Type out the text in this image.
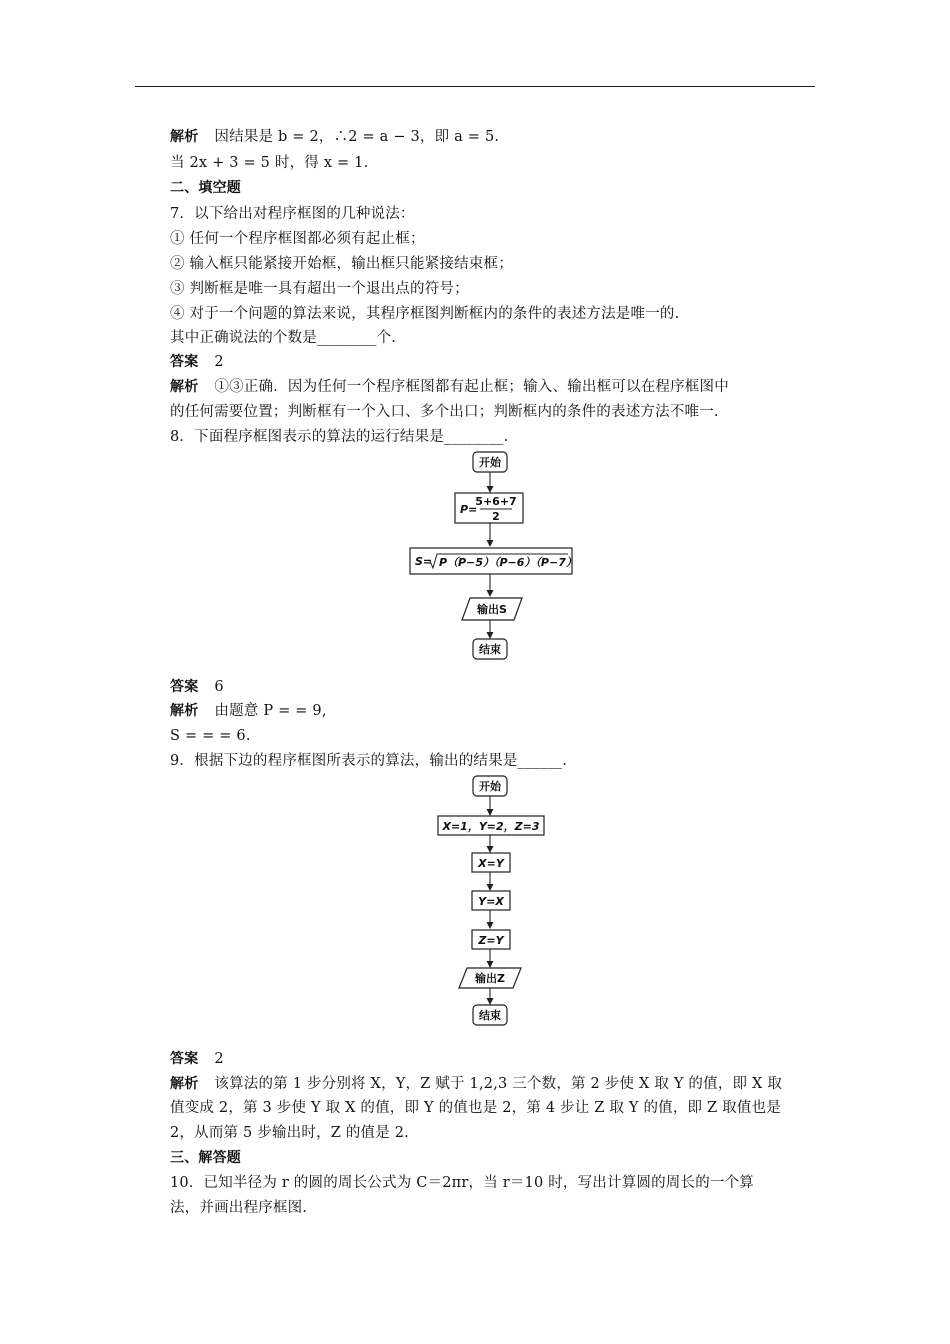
解析 因结果是 b = 2，∴2 = a − 3，即 a = 5.
当 2x + 3 = 5 时，得 x = 1.
二、填空题
7．以下给出对程序框图的几种说法：
① 任何一个程序框图都必须有起止框；
② 输入框只能紧接开始框，输出框只能紧接结束框；
③ 判断框是唯一具有超出一个退出点的符号；
④ 对于一个问题的算法来说，其程序框图判断框内的条件的表述方法是唯一的.
其中正确说法的个数是________个.
答案 2
解析 ①③正确．因为任何一个程序框图都有起止框；输入、输出框可以在程序框图中
的任何需要位置；判断框有一个入口、多个出口；判断框内的条件的表述方法不唯一.
8．下面程序框图表示的算法的运行结果是________.
开始
P=
5+6+7
2
S= P（P−5）（P−6）（P−7）
输出S
结束
答案 6
解析 由题意 P = = 9,
S = = = 6.
9．根据下边的程序框图所表示的算法，输出的结果是______.
开始
X=1，Y=2，Z=3
X=Y
Y=X
Z=Y
输出Z
结束
答案 2
解析 该算法的第 1 步分别将 X，Y，Z 赋于 1,2,3 三个数，第 2 步使 X 取 Y 的值，即 X 取
值变成 2，第 3 步使 Y 取 X 的值，即 Y 的值也是 2，第 4 步让 Z 取 Y 的值，即 Z 取值也是
2，从而第 5 步输出时，Z 的值是 2.
三、解答题
10．已知半径为 r 的圆的周长公式为 C＝2πr，当 r＝10 时，写出计算圆的周长的一个算
法，并画出程序框图.
